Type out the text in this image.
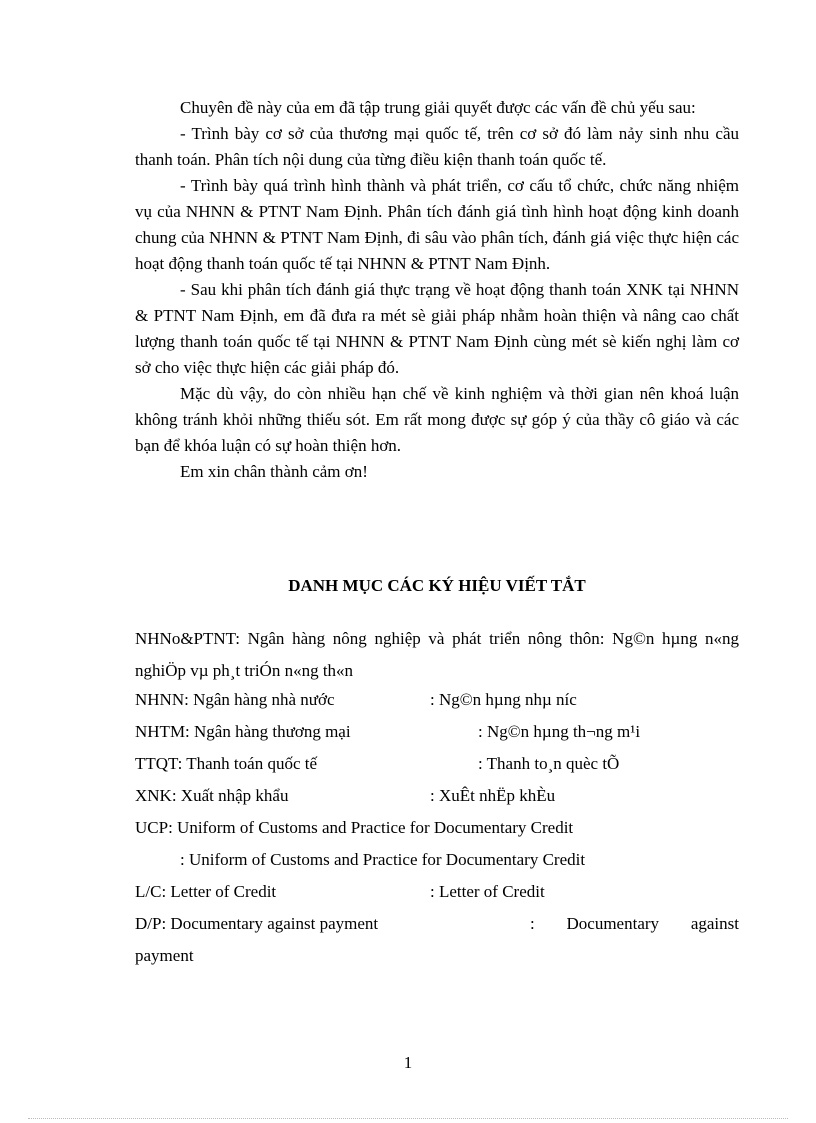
Chuyên đề này của em đã tập trung giải quyết được các vấn đề chủ yếu sau:

- Trình bày cơ sở của thương mại quốc tế, trên cơ sở đó làm nảy sinh nhu cầu thanh toán. Phân tích nội dung của từng điều kiện thanh toán quốc tế.

- Trình bày quá trình hình thành và phát triển, cơ cấu tổ chức, chức năng nhiệm vụ của NHNN & PTNT Nam Định. Phân tích đánh giá tình hình hoạt động kinh doanh chung của NHNN & PTNT Nam Định, đi sâu vào phân tích, đánh giá việc thực hiện các hoạt động thanh toán quốc tế tại NHNN & PTNT Nam Định.

- Sau khi phân tích đánh giá thực trạng về hoạt động thanh toán XNK tại NHNN & PTNT Nam Định, em đã đưa ra mét sè giải pháp nhằm hoàn thiện và nâng cao chất lượng thanh toán quốc tế tại NHNN & PTNT Nam Định cùng mét sè kiến nghị làm cơ sở cho việc thực hiện các giải pháp đó.

Mặc dù vậy, do còn nhiều hạn chế về kinh nghiệm và thời gian nên khoá luận không tránh khỏi những thiếu sót. Em rất mong được sự góp ý của thầy cô giáo và các bạn để khóa luận có sự hoàn thiện hơn.

Em xin chân thành cảm ơn!

DANH MỤC CÁC KÝ HIỆU VIẾT TẮT
NHNo&PTNT: Ngân hàng nông nghiệp và phát triển nông thôn: Ng©n hµng n«ng nghiÖp vµ ph¸t triÓn n«ng th«n
NHNN: Ngân hàng nhà nước	: Ng©n hµng nhµ níc
NHTM: Ngân hàng thương mại	: Ng©n hµng th¬ng m¹i
TTQT: Thanh toán quốc tế	: Thanh to¸n quèc tÕ
XNK: Xuất nhập khẩu	: XuÊt nhËp khÈu
UCP: Uniform of Customs and Practice for Documentary Credit
: Uniform of Customs and Practice for Documentary Credit
L/C: Letter of Credit	: Letter of Credit
D/P: Documentary against payment	: Documentary against
payment
1
